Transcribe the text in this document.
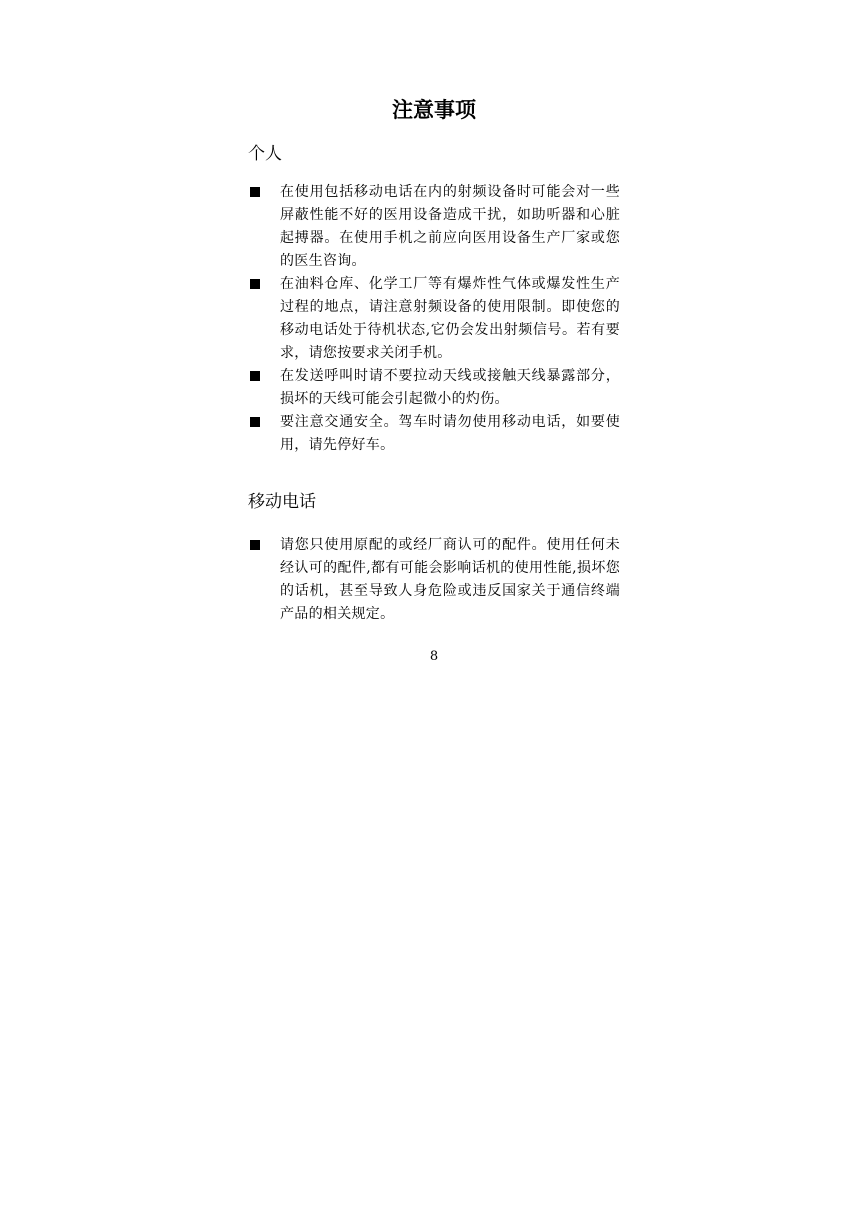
注意事项
个人
在使用包括移动电话在内的射频设备时可能会对一些屏蔽性能不好的医用设备造成干扰，如助听器和心脏起搏器。在使用手机之前应向医用设备生产厂家或您的医生咨询。
在油料仓库、化学工厂等有爆炸性气体或爆发性生产过程的地点，请注意射频设备的使用限制。即使您的移动电话处于待机状态,它仍会发出射频信号。若有要求，请您按要求关闭手机。
在发送呼叫时请不要拉动天线或接触天线暴露部分，损坏的天线可能会引起微小的灼伤。
要注意交通安全。驾车时请勿使用移动电话，如要使用，请先停好车。
移动电话
请您只使用原配的或经厂商认可的配件。使用任何未经认可的配件,都有可能会影响话机的使用性能,损坏您的话机，甚至导致人身危险或违反国家关于通信终端产品的相关规定。

8
